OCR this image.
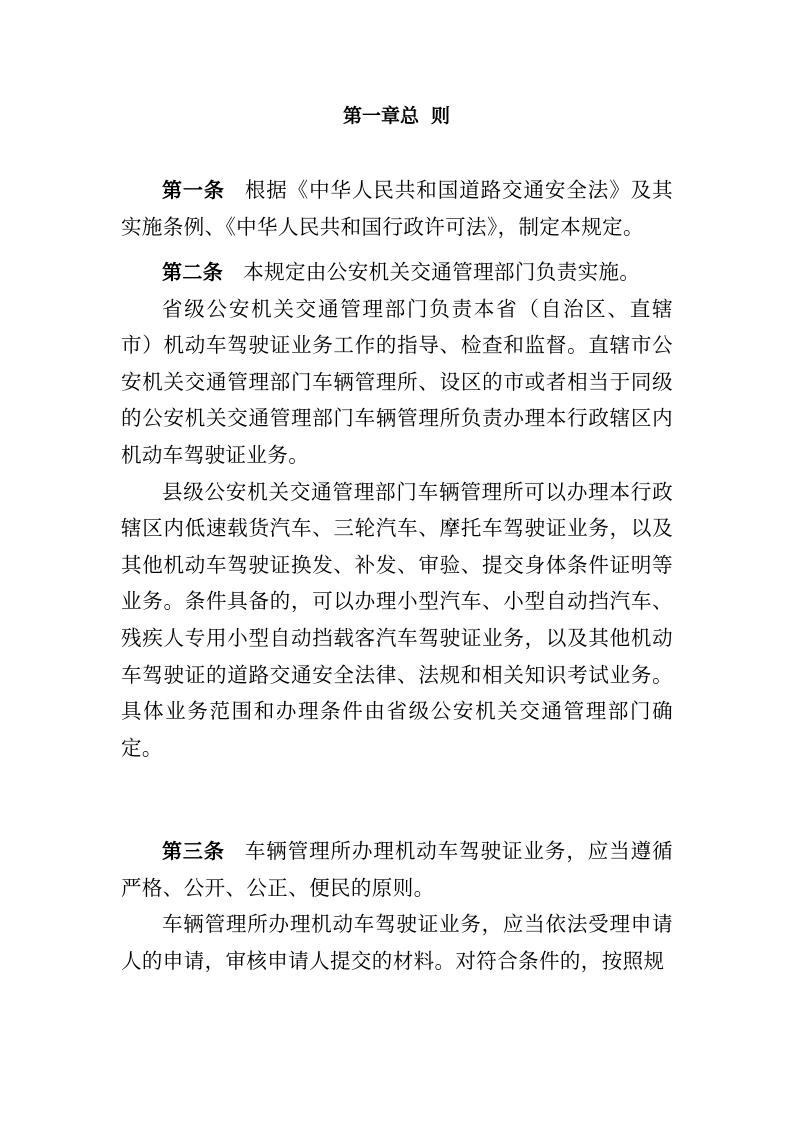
第一章总 则

第一条 根据《中华人民共和国道路交通安全法》及其实施条例、《中华人民共和国行政许可法》，制定本规定。

第二条 本规定由公安机关交通管理部门负责实施。

省级公安机关交通管理部门负责本省（自治区、直辖市）机动车驾驶证业务工作的指导、检查和监督。直辖市公安机关交通管理部门车辆管理所、设区的市或者相当于同级的公安机关交通管理部门车辆管理所负责办理本行政辖区内机动车驾驶证业务。

县级公安机关交通管理部门车辆管理所可以办理本行政辖区内低速载货汽车、三轮汽车、摩托车驾驶证业务，以及其他机动车驾驶证换发、补发、审验、提交身体条件证明等业务。条件具备的，可以办理小型汽车、小型自动挡汽车、残疾人专用小型自动挡载客汽车驾驶证业务，以及其他机动车驾驶证的道路交通安全法律、法规和相关知识考试业务。具体业务范围和办理条件由省级公安机关交通管理部门确定。

第三条 车辆管理所办理机动车驾驶证业务，应当遵循严格、公开、公正、便民的原则。

车辆管理所办理机动车驾驶证业务，应当依法受理申请人的申请，审核申请人提交的材料。对符合条件的，按照规
